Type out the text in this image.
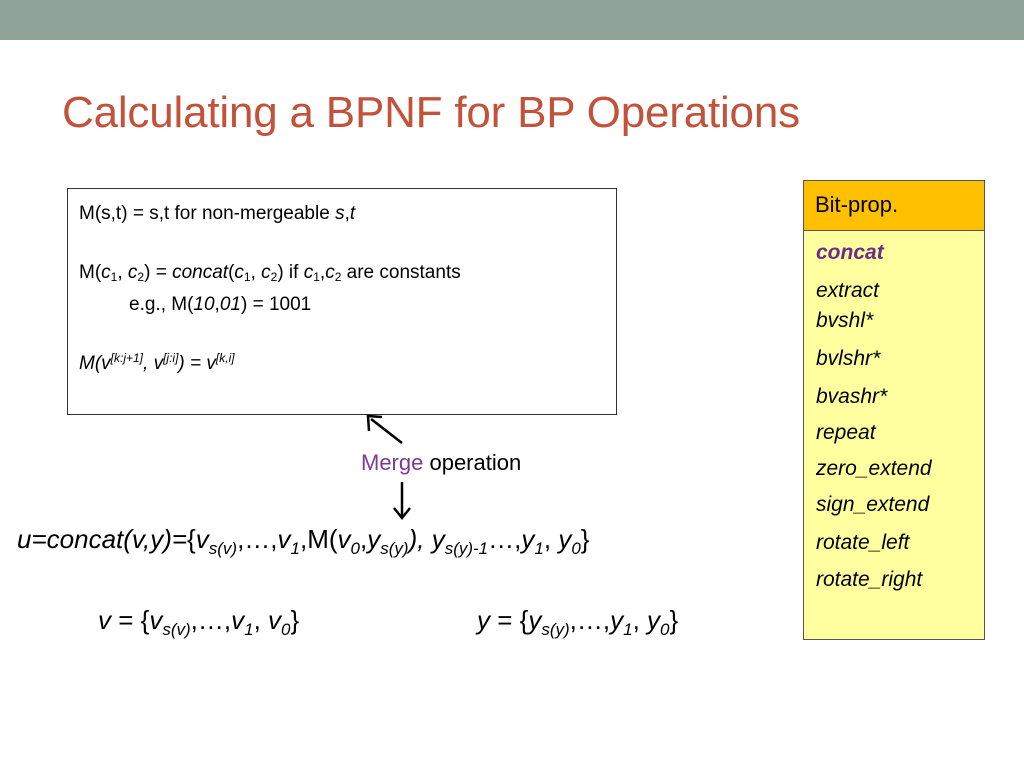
Calculating a BPNF for BP Operations
M(s,t) = s,t for non-mergeable s,t
$M(c_1$, $c_2$) = $concat(c_1$, $c_2$) if $c_1,c_2$ are constants
e.g., M(10,01) = 1001
M(v[k:j+1], v[j:i]) = v[k,i]
Bit-prop.
concat
extract
bvshl*
bvlshr*
bvashr*
repeat
zero_extend
sign_extend
rotate_left
rotate_right
Merge operation
$u=concat(v,y)=\{v_{s(v)},\dots,v_1,M(v_0,y_{s(y)})$, $y_{s(y)-1}\dots,y_1$, $y_0$}
$v = \{v_{s(v)},\dots,v_1$, $v_0$}	$y = \{y_{s(y)},\dots,y_1$, $y_0$}
